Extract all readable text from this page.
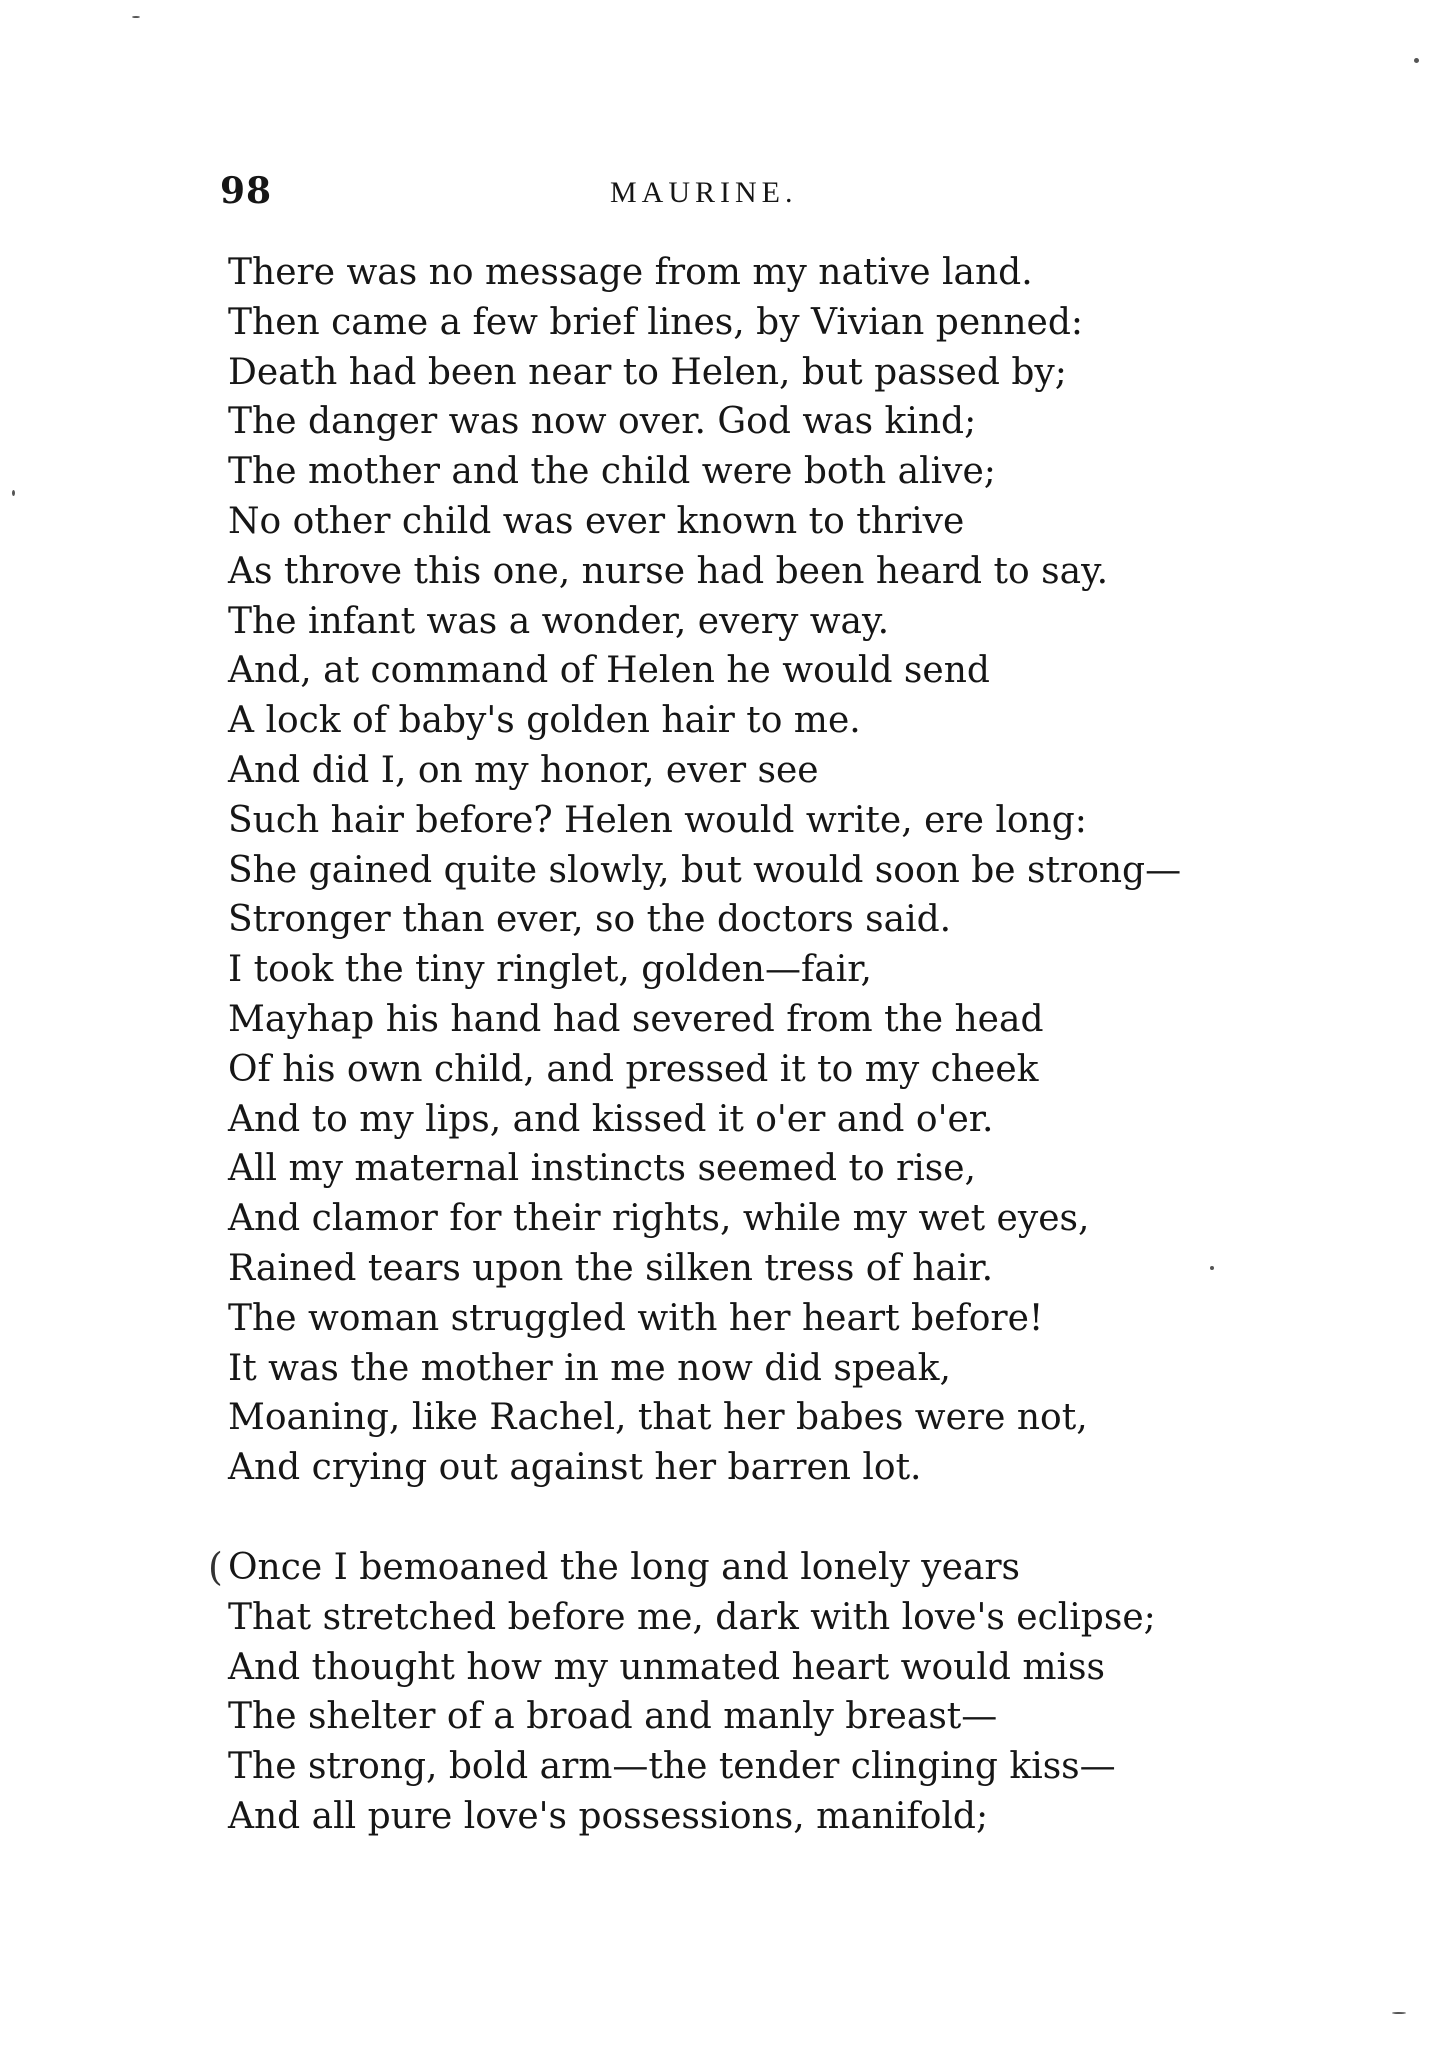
98	MAURINE.
There was no message from my native land.
Then came a few brief lines, by Vivian penned:
Death had been near to Helen, but passed by;
The danger was now over. God was kind;
The mother and the child were both alive;
No other child was ever known to thrive
As throve this one, nurse had been heard to say.
The infant was a wonder, every way.
And, at command of Helen he would send
A lock of baby's golden hair to me.
And did I, on my honor, ever see
Such hair before? Helen would write, ere long:
She gained quite slowly, but would soon be strong—
Stronger than ever, so the doctors said.
I took the tiny ringlet, golden—fair,
Mayhap his hand had severed from the head
Of his own child, and pressed it to my cheek
And to my lips, and kissed it o'er and o'er.
All my maternal instincts seemed to rise,
And clamor for their rights, while my wet eyes,
Rained tears upon the silken tress of hair.
The woman struggled with her heart before!
It was the mother in me now did speak,
Moaning, like Rachel, that her babes were not,
And crying out against her barren lot.
( Once I bemoaned the long and lonely years
That stretched before me, dark with love's eclipse;
And thought how my unmated heart would miss
The shelter of a broad and manly breast—
The strong, bold arm—the tender clinging kiss—
And all pure love's possessions, manifold;
